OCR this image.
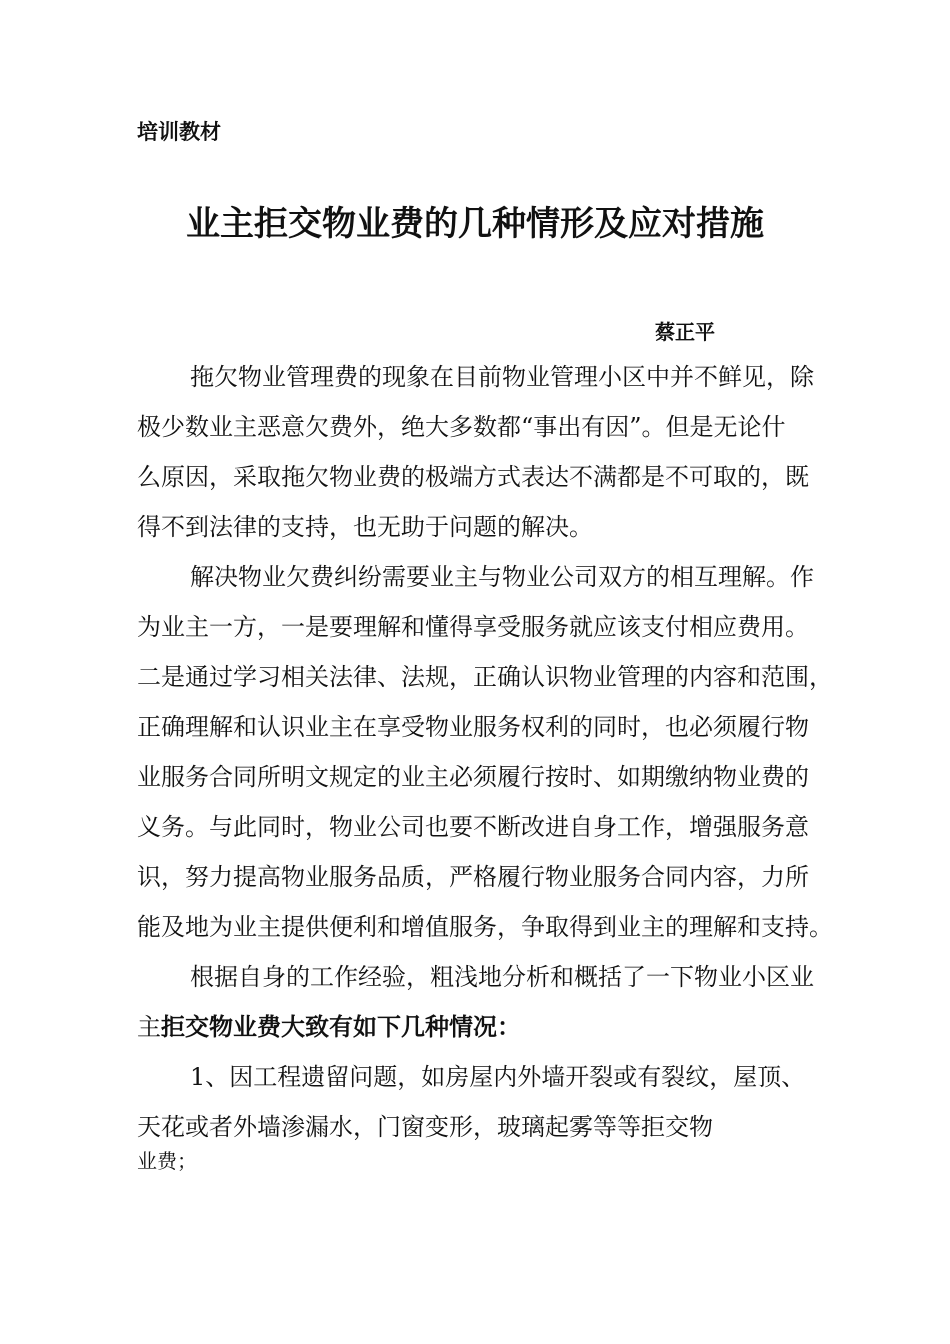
培训教材
业主拒交物业费的几种情形及应对措施
蔡正平
拖欠物业管理费的现象在目前物业管理小区中并不鲜见，除
极少数业主恶意欠费外，绝大多数都“事出有因”。但是无论什
么原因，采取拖欠物业费的极端方式表达不满都是不可取的，既
得不到法律的支持，也无助于问题的解决。
解决物业欠费纠纷需要业主与物业公司双方的相互理解。作
为业主一方，一是要理解和懂得享受服务就应该支付相应费用。
二是通过学习相关法律、法规，正确认识物业管理的内容和范围，
正确理解和认识业主在享受物业服务权利的同时，也必须履行物
业服务合同所明文规定的业主必须履行按时、如期缴纳物业费的
义务。与此同时，物业公司也要不断改进自身工作，增强服务意
识，努力提高物业服务品质，严格履行物业服务合同内容，力所
能及地为业主提供便利和增值服务，争取得到业主的理解和支持。
根据自身的工作经验，粗浅地分析和概括了一下物业小区业
主拒交物业费大致有如下几种情况：
1、因工程遗留问题，如房屋内外墙开裂或有裂纹，屋顶、
天花或者外墙渗漏水，门窗变形，玻璃起雾等等拒交物
业费；
